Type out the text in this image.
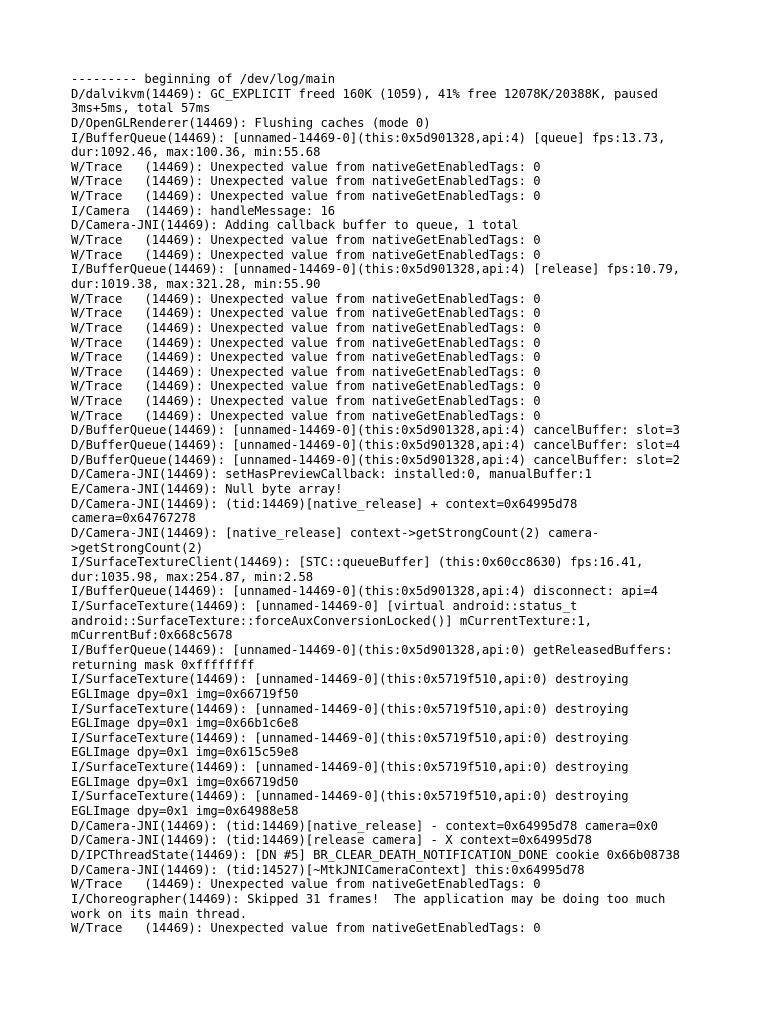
--------- beginning of /dev/log/main
D/dalvikvm(14469): GC_EXPLICIT freed 160K (1059), 41% free 12078K/20388K, paused
3ms+5ms, total 57ms
D/OpenGLRenderer(14469): Flushing caches (mode 0)
I/BufferQueue(14469): [unnamed-14469-0](this:0x5d901328,api:4) [queue] fps:13.73,
dur:1092.46, max:100.36, min:55.68
W/Trace   (14469): Unexpected value from nativeGetEnabledTags: 0
W/Trace   (14469): Unexpected value from nativeGetEnabledTags: 0
W/Trace   (14469): Unexpected value from nativeGetEnabledTags: 0
I/Camera  (14469): handleMessage: 16
D/Camera-JNI(14469): Adding callback buffer to queue, 1 total
W/Trace   (14469): Unexpected value from nativeGetEnabledTags: 0
W/Trace   (14469): Unexpected value from nativeGetEnabledTags: 0
I/BufferQueue(14469): [unnamed-14469-0](this:0x5d901328,api:4) [release] fps:10.79,
dur:1019.38, max:321.28, min:55.90
W/Trace   (14469): Unexpected value from nativeGetEnabledTags: 0
W/Trace   (14469): Unexpected value from nativeGetEnabledTags: 0
W/Trace   (14469): Unexpected value from nativeGetEnabledTags: 0
W/Trace   (14469): Unexpected value from nativeGetEnabledTags: 0
W/Trace   (14469): Unexpected value from nativeGetEnabledTags: 0
W/Trace   (14469): Unexpected value from nativeGetEnabledTags: 0
W/Trace   (14469): Unexpected value from nativeGetEnabledTags: 0
W/Trace   (14469): Unexpected value from nativeGetEnabledTags: 0
W/Trace   (14469): Unexpected value from nativeGetEnabledTags: 0
D/BufferQueue(14469): [unnamed-14469-0](this:0x5d901328,api:4) cancelBuffer: slot=3
D/BufferQueue(14469): [unnamed-14469-0](this:0x5d901328,api:4) cancelBuffer: slot=4
D/BufferQueue(14469): [unnamed-14469-0](this:0x5d901328,api:4) cancelBuffer: slot=2
D/Camera-JNI(14469): setHasPreviewCallback: installed:0, manualBuffer:1
E/Camera-JNI(14469): Null byte array!
D/Camera-JNI(14469): (tid:14469)[native_release] + context=0x64995d78
camera=0x64767278
D/Camera-JNI(14469): [native_release] context->getStrongCount(2) camera-
>getStrongCount(2)
I/SurfaceTextureClient(14469): [STC::queueBuffer] (this:0x60cc8630) fps:16.41,
dur:1035.98, max:254.87, min:2.58
I/BufferQueue(14469): [unnamed-14469-0](this:0x5d901328,api:4) disconnect: api=4
I/SurfaceTexture(14469): [unnamed-14469-0] [virtual android::status_t
android::SurfaceTexture::forceAuxConversionLocked()] mCurrentTexture:1,
mCurrentBuf:0x668c5678
I/BufferQueue(14469): [unnamed-14469-0](this:0x5d901328,api:0) getReleasedBuffers:
returning mask 0xffffffff
I/SurfaceTexture(14469): [unnamed-14469-0](this:0x5719f510,api:0) destroying
EGLImage dpy=0x1 img=0x66719f50
I/SurfaceTexture(14469): [unnamed-14469-0](this:0x5719f510,api:0) destroying
EGLImage dpy=0x1 img=0x66b1c6e8
I/SurfaceTexture(14469): [unnamed-14469-0](this:0x5719f510,api:0) destroying
EGLImage dpy=0x1 img=0x615c59e8
I/SurfaceTexture(14469): [unnamed-14469-0](this:0x5719f510,api:0) destroying
EGLImage dpy=0x1 img=0x66719d50
I/SurfaceTexture(14469): [unnamed-14469-0](this:0x5719f510,api:0) destroying
EGLImage dpy=0x1 img=0x64988e58
D/Camera-JNI(14469): (tid:14469)[native_release] - context=0x64995d78 camera=0x0
D/Camera-JNI(14469): (tid:14469)[release camera] - X context=0x64995d78
D/IPCThreadState(14469): [DN #5] BR_CLEAR_DEATH_NOTIFICATION_DONE cookie 0x66b08738
D/Camera-JNI(14469): (tid:14527)[~MtkJNICameraContext] this:0x64995d78
W/Trace   (14469): Unexpected value from nativeGetEnabledTags: 0
I/Choreographer(14469): Skipped 31 frames!  The application may be doing too much
work on its main thread.
W/Trace   (14469): Unexpected value from nativeGetEnabledTags: 0
